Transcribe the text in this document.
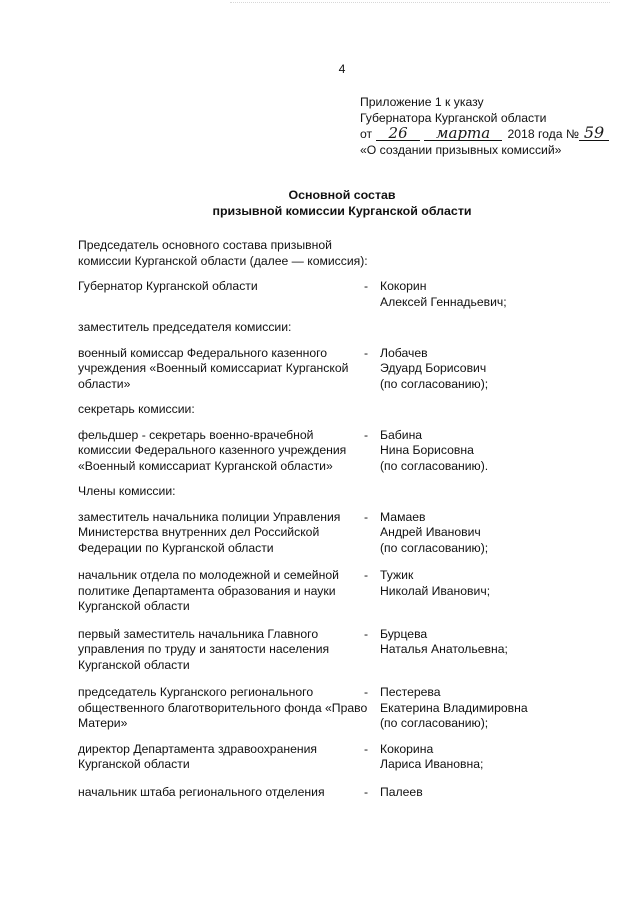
4
Приложение 1 к указу
Губернатора Курганской области
от 26 марта 2018 года № 59
«О создании призывных комиссий»
Основной состав
призывной комиссии Курганской области
Председатель основного состава призывной комиссии Курганской области (далее — комиссия):
Губернатор Курганской области	- Кокорин
Алексей Геннадьевич;
заместитель председателя комиссии:
военный комиссар Федерального казенного учреждения «Военный комиссариат Курганской области»
- Лобачев
Эдуард Борисович
(по согласованию);
секретарь комиссии:
фельдшер - секретарь военно-врачебной комиссии Федерального казенного учреждения «Военный комиссариат Курганской области»
- Бабина
Нина Борисовна
(по согласованию).
Члены комиссии:
заместитель начальника полиции Управления Министерства внутренних дел Российской Федерации по Курганской области
- Мамаев
Андрей Иванович
(по согласованию);
начальник отдела по молодежной и семейной политике Департамента образования и науки Курганской области
- Тужик
Николай Иванович;
первый заместитель начальника Главного управления по труду и занятости населения Курганской области
- Бурцева
Наталья Анатольевна;
председатель Курганского регионального общественного благотворительного фонда «Право Матери»
- Пестерева
Екатерина Владимировна
(по согласованию);
директор Департамента здравоохранения Курганской области
- Кокорина
Лариса Ивановна;
начальник штаба регионального отделения	- Палеев
